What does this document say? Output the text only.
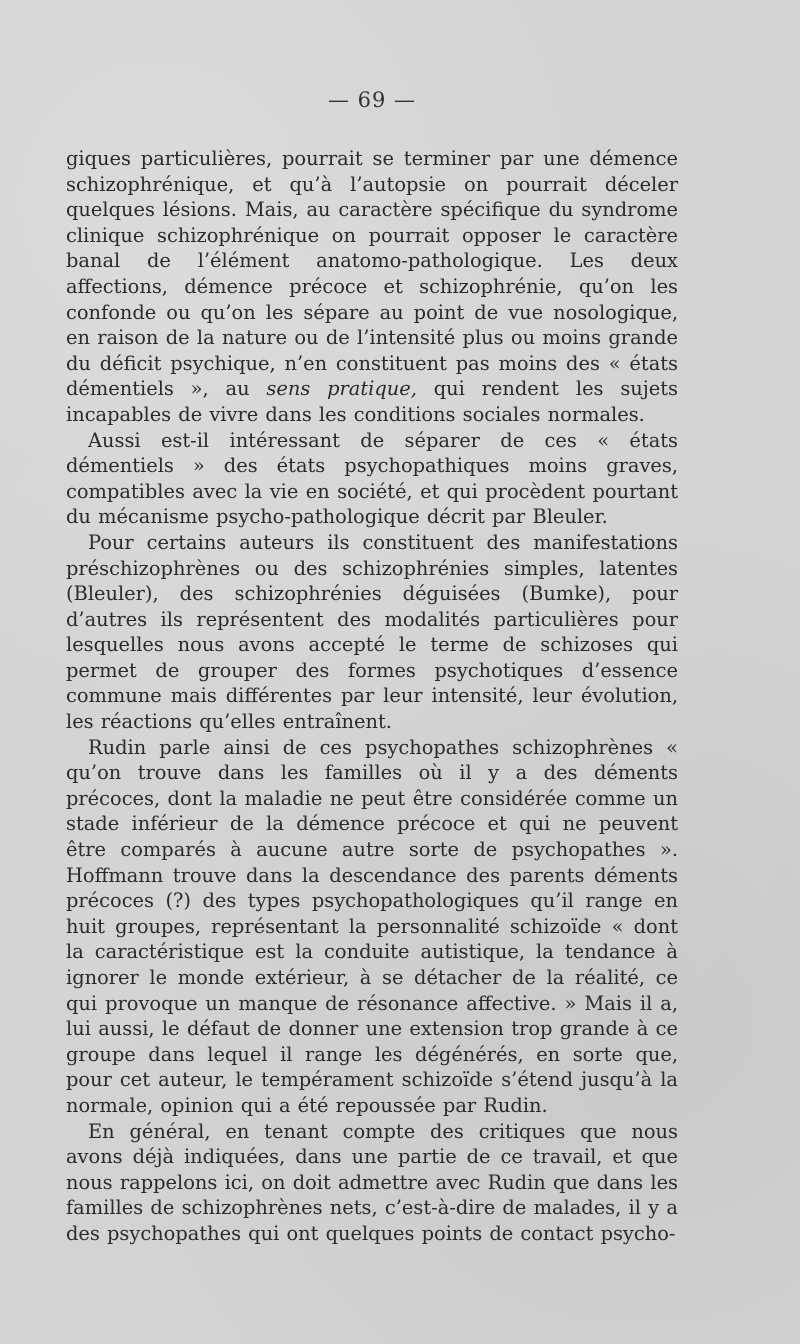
— 69 —

giques particulières, pourrait se terminer par une démence schizophrénique, et qu’à l’autopsie on pourrait déceler quelques lésions. Mais, au caractère spécifique du syndrome clinique schizophrénique on pourrait opposer le caractère banal de l’élément anatomo-pathologique. Les deux affections, démence précoce et schizophrénie, qu’on les confonde ou qu’on les sépare au point de vue nosologique, en raison de la nature ou de l’intensité plus ou moins grande du déficit psychique, n’en constituent pas moins des « états démentiels », au sens pratique, qui rendent les sujets incapables de vivre dans les conditions sociales normales.

Aussi est-il intéressant de séparer de ces « états démentiels » des états psychopathiques moins graves, compatibles avec la vie en société, et qui procèdent pourtant du mécanisme psycho-pathologique décrit par Bleuler.

Pour certains auteurs ils constituent des manifestations préschizophrènes ou des schizophrénies simples, latentes (Bleuler), des schizophrénies déguisées (Bumke), pour d’autres ils représentent des modalités particulières pour lesquelles nous avons accepté le terme de schizoses qui permet de grouper des formes psychotiques d’essence commune mais différentes par leur intensité, leur évolution, les réactions qu’elles entraînent.

Rudin parle ainsi de ces psychopathes schizophrènes « qu’on trouve dans les familles où il y a des déments précoces, dont la maladie ne peut être considérée comme un stade inférieur de la démence précoce et qui ne peuvent être comparés à aucune autre sorte de psychopathes ». Hoffmann trouve dans la descendance des parents déments précoces (?) des types psychopathologiques qu’il range en huit groupes, représentant la personnalité schizoïde « dont la caractéristique est la conduite autistique, la tendance à ignorer le monde extérieur, à se détacher de la réalité, ce qui provoque un manque de résonance affective. » Mais il a, lui aussi, le défaut de donner une extension trop grande à ce groupe dans lequel il range les dégénérés, en sorte que, pour cet auteur, le tempérament schizoïde s’étend jusqu’à la normale, opinion qui a été repoussée par Rudin.

En général, en tenant compte des critiques que nous avons déjà indiquées, dans une partie de ce travail, et que nous rappelons ici, on doit admettre avec Rudin que dans les familles de schizophrènes nets, c’est-à-dire de malades, il y a des psychopathes qui ont quelques points de contact psycho-
